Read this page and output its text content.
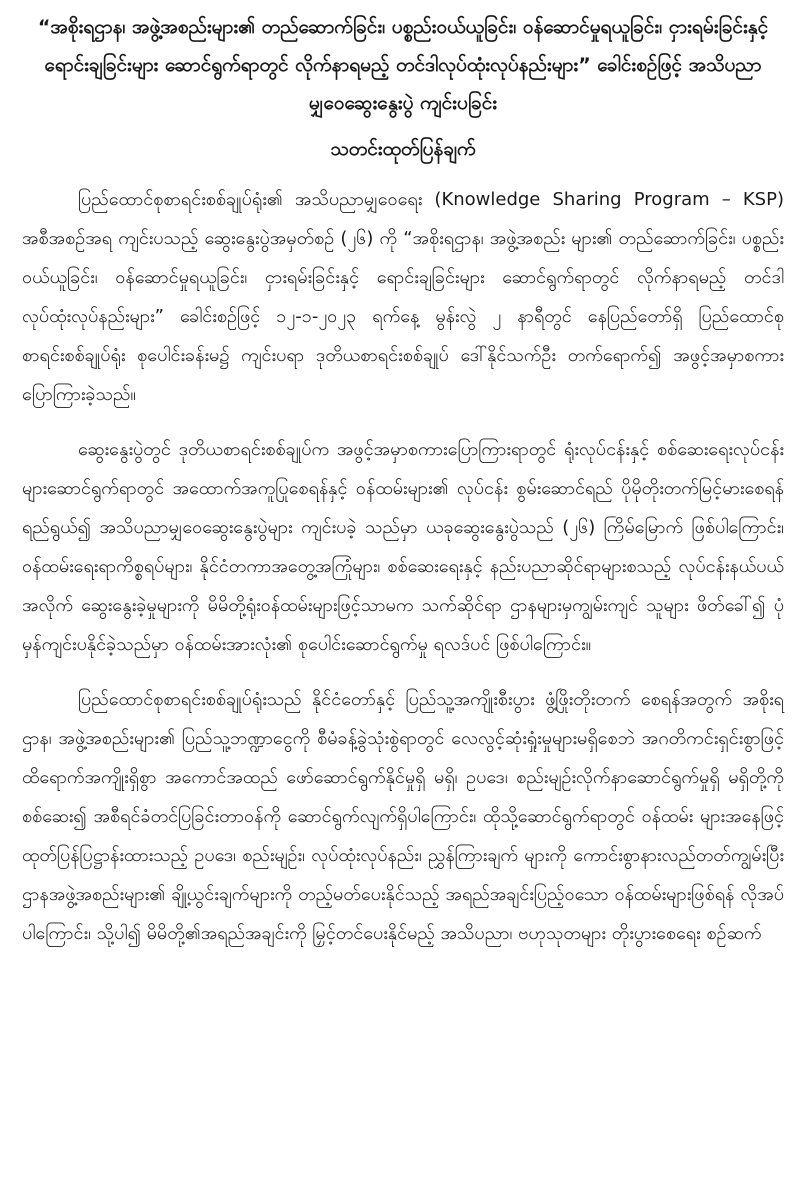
“အစိုးရဌာန၊ အဖွဲ့အစည်းများ၏ တည်ဆောက်ခြင်း၊ ပစ္စည်းဝယ်ယူခြင်း၊ ဝန်ဆောင်မှုရယူခြင်း၊ ငှားရမ်းခြင်းနှင့် ရောင်းချခြင်းများ ဆောင်ရွက်ရာတွင် လိုက်နာရမည့် တင်ဒါလုပ်ထုံးလုပ်နည်းများ” ခေါင်းစဉ်ဖြင့် အသိပညာမျှဝေဆွေးနွေးပွဲ ကျင်းပခြင်း
သတင်းထုတ်ပြန်ချက်

ပြည်ထောင်စုစာရင်းစစ်ချုပ်ရုံး၏ အသိပညာမျှဝေရေး (Knowledge Sharing Program – KSP) အစီအစဉ်အရ ကျင်းပသည့် ဆွေးနွေးပွဲအမှတ်စဉ် (၂၆) ကို “အစိုးရဌာန၊ အဖွဲ့အစည်း များ၏ တည်ဆောက်ခြင်း၊ ပစ္စည်းဝယ်ယူခြင်း၊ ဝန်ဆောင်မှုရယူခြင်း၊ ငှားရမ်းခြင်းနှင့် ရောင်းချခြင်းများ ဆောင်ရွက်ရာတွင် လိုက်နာရမည့် တင်ဒါလုပ်ထုံးလုပ်နည်းများ” ခေါင်းစဉ်ဖြင့် ၁၂-၁-၂၀၂၃ ရက်နေ့ မွန်းလွဲ ၂ နာရီတွင် နေပြည်တော်ရှိ ပြည်ထောင်စုစာရင်းစစ်ချုပ်ရုံး စုပေါင်းခန်းမ၌ ကျင်းပရာ ဒုတိယစာရင်းစစ်ချုပ် ဒေါ်နိုင်သက်ဦး တက်ရောက်၍ အဖွင့်အမှာစကား ပြောကြားခဲ့သည်။

ဆွေးနွေးပွဲတွင် ဒုတိယစာရင်းစစ်ချုပ်က အဖွင့်အမှာစကားပြောကြားရာတွင် ရုံးလုပ်ငန်းနှင့် စစ်ဆေးရေးလုပ်ငန်းများဆောင်ရွက်ရာတွင် အထောက်အကူပြုစေရန်နှင့် ဝန်ထမ်းများ၏ လုပ်ငန်း စွမ်းဆောင်ရည် ပိုမိုတိုးတက်မြင့်မားစေရန် ရည်ရွယ်၍ အသိပညာမျှဝေဆွေးနွေးပွဲများ ကျင်းပခဲ့ သည်မှာ ယခုဆွေးနွေးပွဲသည် (၂၆) ကြိမ်မြောက် ဖြစ်ပါကြောင်း၊ ဝန်ထမ်းရေးရာကိစ္စရပ်များ၊ နိုင်ငံတကာအတွေ့အကြုံများ၊ စစ်ဆေးရေးနှင့် နည်းပညာဆိုင်ရာများစသည့် လုပ်ငန်းနယ်ပယ် အလိုက် ဆွေးနွေးခဲ့မှုများကို မိမိတို့ရုံးဝန်ထမ်းများဖြင့်သာမက သက်ဆိုင်ရာ ဌာနများမှကျွမ်းကျင် သူများ ဖိတ်ခေါ်၍ ပုံမှန်ကျင်းပနိုင်ခဲ့သည်မှာ ဝန်ထမ်းအားလုံး၏ စုပေါင်းဆောင်ရွက်မှု ရလဒ်ပင် ဖြစ်ပါကြောင်း။

ပြည်ထောင်စုစာရင်းစစ်ချုပ်ရုံးသည် နိုင်ငံတော်နှင့် ပြည်သူ့အကျိုးစီးပွား ဖွံ့ဖြိုးတိုးတက် စေရန်အတွက် အစိုးရဌာန၊ အဖွဲ့အစည်းများ၏ ပြည်သူ့ဘဏ္ဍာငွေကို စီမံခန့်ခွဲသုံးစွဲရာတွင် လေလွင့်ဆုံးရှုံးမှုများမရှိစေဘဲ အဂတိကင်းရှင်းစွာဖြင့် ထိရောက်အကျိုးရှိစွာ အကောင်အထည် ဖော်ဆောင်ရွက်နိုင်မှုရှိ မရှိ၊ ဥပဒေ၊ စည်းမျဉ်းလိုက်နာဆောင်ရွက်မှုရှိ မရှိတို့ကို စစ်ဆေး၍ အစီရင်ခံတင်ပြခြင်းတာဝန်ကို ဆောင်ရွက်လျက်ရှိပါကြောင်း၊ ထိုသို့ဆောင်ရွက်ရာတွင် ဝန်ထမ်း များအနေဖြင့် ထုတ်ပြန်ပြဋ္ဌာန်းထားသည့် ဥပဒေ၊ စည်းမျဉ်း၊ လုပ်ထုံးလုပ်နည်း၊ ညွှန်ကြားချက် များကို ကောင်းစွာနားလည်တတ်ကျွမ်းပြီး ဌာနအဖွဲ့အစည်းများ၏ ချို့ယွင်းချက်များကို တည့်မတ်ပေးနိုင်သည့် အရည်အချင်းပြည့်ဝသော ဝန်ထမ်းများဖြစ်ရန် လိုအပ်ပါကြောင်း၊ သို့ပါ၍ မိမိတို့၏အရည်အချင်းကို မြှင့်တင်ပေးနိုင်မည့် အသိပညာ၊ ဗဟုသုတများ တိုးပွားစေရေး စဉ်ဆက်
